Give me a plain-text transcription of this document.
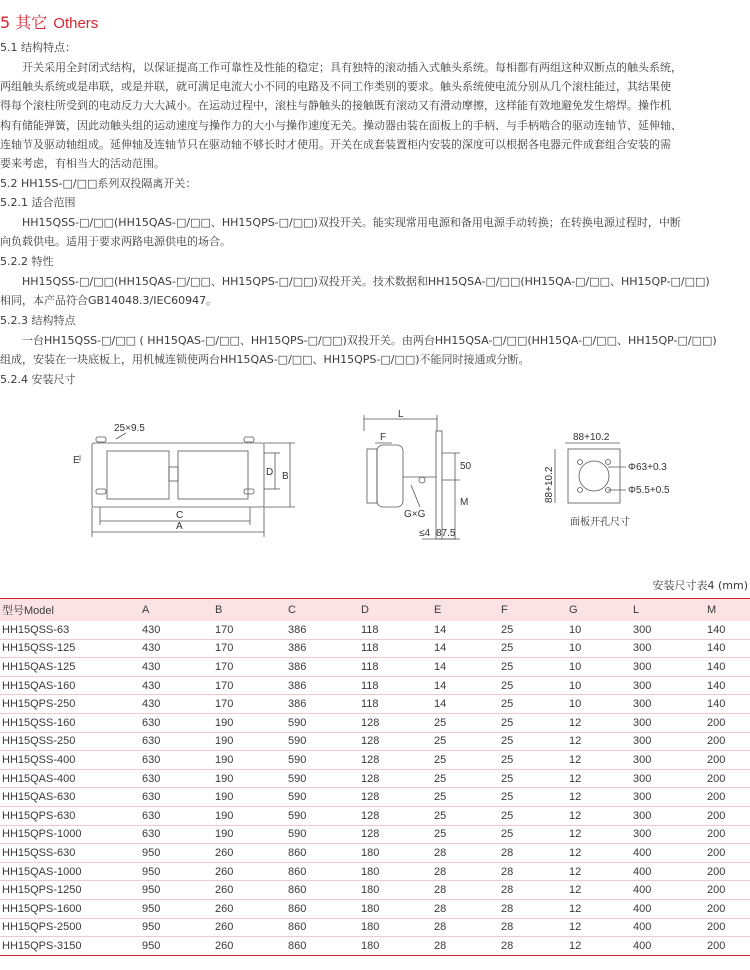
5 其它 Others
5.1 结构特点：
　　开关采用全封闭式结构，以保证提高工作可靠性及性能的稳定；具有独特的滚动插入式触头系统。每相都有两组这种双断点的触头系统，
两组触头系统或是串联，或是并联，就可满足电流大小不同的电路及不同工作类别的要求。触头系统使电流分别从几个滚柱能过，其结果使
得每个滚柱所受到的电动反力大大减小。在运动过程中，滚柱与静触头的接触既有滚动又有滑动摩擦，这样能有效地避免发生熔焊。操作机
构有储能弹簧，因此动触头组的运动速度与操作力的大小与操作速度无关。操动器由装在面板上的手柄、与手柄啮合的驱动连轴节、延伸轴、
连轴节及驱动轴组成。延伸轴及连轴节只在驱动轴不够长时才使用。开关在成套装置柜内安装的深度可以根据各电器元件成套组合安装的需
要来考虑，有相当大的活动范围。
5.2 HH15S-□/□□系列双投隔离开关：
5.2.1 适合范围
　　HH15QSS-□/□□(HH15QAS-□/□□、HH15QPS-□/□□)双投开关。能实现常用电源和备用电源手动转换；在转换电源过程时，中断
向负载供电。适用于要求两路电源供电的场合。
5.2.2 特性
　　HH15QSS-□/□□(HH15QAS-□/□□、HH15QPS-□/□□)双投开关。技术数据和HH15QSA-□/□□(HH15QA-□/□□、HH15QP-□/□□)
相同，本产品符合GB14048.3/IEC60947。
5.2.3 结构特点
　　一台HH15QSS-□/□□ ( HH15QAS-□/□□、HH15QPS-□/□□)双投开关。由两台HH15QSA-□/□□(HH15QA-□/□□、HH15QP-□/□□)
组成，安装在一块底板上，用机械连锁使两台HH15QAS-□/□□、HH15QPS-□/□□)不能同时接通或分断。
5.2.4 安装尺寸
25×9.5
E
D B
C
A
L
F
50
M
G×G
≤4 87.5
88+10.2
88+10.2	Φ63+0.3
Φ5.5+0.5
面板开孔尺寸
安装尺寸表4 (mm)
型号Model	A	B	C	D	E	F	G	L	M
HH15QSS-63	430	170	386	118	14	25	10	300	140
HH15QSS-125	430	170	386	118	14	25	10	300	140
HH15QAS-125	430	170	386	118	14	25	10	300	140
HH15QAS-160	430	170	386	118	14	25	10	300	140
HH15QPS-250	430	170	386	118	14	25	10	300	140
HH15QSS-160	630	190	590	128	25	25	12	300	200
HH15QSS-250	630	190	590	128	25	25	12	300	200
HH15QSS-400	630	190	590	128	25	25	12	300	200
HH15QAS-400	630	190	590	128	25	25	12	300	200
HH15QAS-630	630	190	590	128	25	25	12	300	200
HH15QPS-630	630	190	590	128	25	25	12	300	200
HH15QPS-1000	630	190	590	128	25	25	12	300	200
HH15QSS-630	950	260	860	180	28	28	12	400	200
HH15QAS-1000	950	260	860	180	28	28	12	400	200
HH15QPS-1250	950	260	860	180	28	28	12	400	200
HH15QPS-1600	950	260	860	180	28	28	12	400	200
HH15QPS-2500	950	260	860	180	28	28	12	400	200
HH15QPS-3150	950	260	860	180	28	28	12	400	200
